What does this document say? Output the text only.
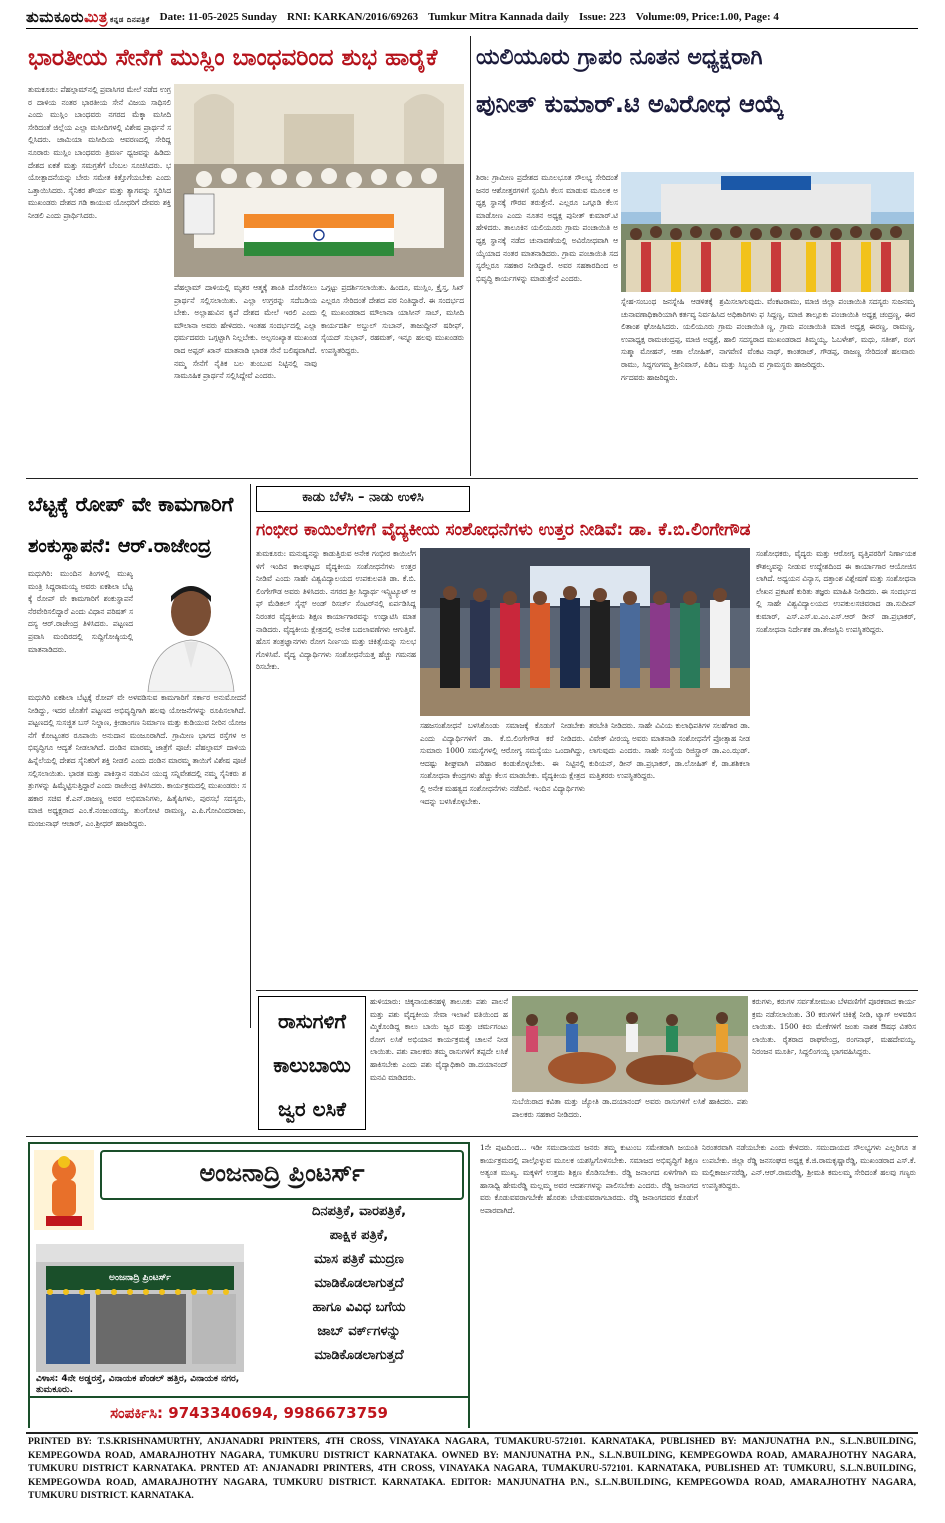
ತುಮಕೂರುಮಿತ್ರ ಕನ್ನಡ ದಿನಪತ್ರಿಕೆ Date: 11-05-2025 Sunday RNI: KARKAN/2016/69263 Tumkur Mitra Kannada daily Issue: 223 Volume:09, Price:1.00, Page: 4
ಭಾರತೀಯ ಸೇನೆಗೆ ಮುಸ್ಲಿಂ ಬಾಂಧವರಿಂದ ಶುಭ ಹಾರೈಕೆ
ತುಮಕೂರು: ಪೆಹಲ್ಗಾಮ್‌ನಲ್ಲಿ ಪ್ರವಾಸಿಗರ ಮೇಲೆ ನಡೆದ ಉಗ್ರರ ದಾಳಿಯ ನಂತರ ಭಾರತೀಯ ಸೇನೆ ವಿಜಯ ಸಾಧಿಸಲಿ ಎಂದು ಮುಸ್ಲಿಂ ಬಾಂಧವರು ನಗರದ ಮೆಕ್ಕಾ ಮಸೀದಿ ಸೇರಿದಂತೆ ಜಿಲ್ಲೆಯ ಎಲ್ಲಾ ಮಸೀದಿಗಳಲ್ಲಿ ವಿಶೇಷ ಪ್ರಾರ್ಥನೆ ಸಲ್ಲಿಸಿದರು. ಜಾಮಿಯಾ ಮಸೀದಿಯ ಆವರಣದಲ್ಲಿ ಸೇರಿದ್ದ ನೂರಾರು ಮುಸ್ಲಿಂ ಬಾಂಧವರು ತ್ರಿವರ್ಣ ಧ್ವಜವನ್ನು ಹಿಡಿದು ದೇಶದ ಏಕತೆ ಮತ್ತು ಸಮಗ್ರತೆಗೆ ಬೆಂಬಲ ಸೂಚಿಸಿದರು. ಭಯೋತ್ಪಾದನೆಯನ್ನು ಬೇರು ಸಮೇತ ಕಿತ್ತೊಗೆಯಬೇಕು ಎಂದು ಒತ್ತಾಯಿಸಿದರು. ಸೈನಿಕರ ಶೌರ್ಯ ಮತ್ತು ತ್ಯಾಗವನ್ನು ಸ್ಮರಿಸಿದ ಮುಖಂಡರು ದೇಶದ ಗಡಿ ಕಾಯುವ ಯೋಧರಿಗೆ ದೇವರು ಶಕ್ತಿ ನೀಡಲಿ ಎಂದು ಪ್ರಾರ್ಥಿಸಿದರು.
ಪೆಹಲ್ಗಾಮ್ ದಾಳಿಯಲ್ಲಿ ಮೃತರ ಆತ್ಮಕ್ಕೆ ಶಾಂತಿ ದೊರೆಕಿಸಲು ಪ್ರಾರ್ಥನೆ ಸಲ್ಲಿಸಲಾಯಿತು. ಎಲ್ಲಾ ಉಗ್ರರನ್ನು ಸದೆಬಡಿಯಬೇಕು. ಅಲ್ಲಾಹುವಿನ ಕೃಪೆ ದೇಶದ ಮೇಲೆ ಇರಲಿ ಎಂದು ಮೌಲಾನಾ ಅವರು ಹೇಳಿದರು. ಇಂತಹ ಸಂದರ್ಭದಲ್ಲಿ ಎಲ್ಲಾ ಧರ್ಮದವರು ಒಗ್ಗಟ್ಟಾಗಿ ನಿಲ್ಲಬೇಕು. ಅಲ್ಪಸಂಖ್ಯಾತ ಮುಖಂಡರಾದ ಅಫ್ಸರ್ ಖಾನ್ ಮಾತನಾಡಿ ಭಾರತ ಸೇನೆ ಬಲಿಷ್ಠವಾಗಿದೆ. ನಮ್ಮ ಸೇನೆಗೆ ನೈತಿಕ ಬಲ ತುಂಬುವ ನಿಟ್ಟಿನಲ್ಲಿ ನಾವು ಸಾಮೂಹಿಕ ಪ್ರಾರ್ಥನೆ ಸಲ್ಲಿಸಿದ್ದೇವೆ ಎಂದರು.
ಒಗ್ಗಟ್ಟು ಪ್ರದರ್ಶಿಸಲಾಯಿತು. ಹಿಂದೂ, ಮುಸ್ಲಿಂ, ಕ್ರೈಸ್ತ, ಸಿಖ್ ಎಲ್ಲರೂ ಸೇರಿದಂತೆ ದೇಶದ ಪರ ನಿಂತಿದ್ದಾರೆ. ಈ ಸಂದರ್ಭದಲ್ಲಿ ಮುಖಂಡರಾದ ಮೌಲಾನಾ ಯಾಸೀನ್ ಸಾಬ್, ಮಸೀದಿ ಕಾರ್ಯದರ್ಶಿ ಅಬ್ದುಲ್ ಸುಬಾನ್, ತಾಜುದ್ದೀನ್ ಷರೀಫ್, ಸೈಯದ್ ಸುಭಾನ್, ರಹಮತ್, ಇನ್ನೂ ಹಲವು ಮುಖಂಡರು ಉಪಸ್ಥಿತರಿದ್ದರು.
ಯಲಿಯೂರು ಗ್ರಾಪಂ ನೂತನ ಅಧ್ಯಕ್ಷರಾಗಿ
ಪುನೀತ್ ಕುಮಾರ್.ಟಿ ಅವಿರೋಧ ಆಯ್ಕೆ
ಶಿರಾ: ಗ್ರಾಮೀಣ ಪ್ರದೇಶದ ಮೂಲಭೂತ ಸೌಲಭ್ಯ ಸೇರಿದಂತೆ ಜನರ ಆಶೋತ್ತರಗಳಿಗೆ ಸ್ಪಂದಿಸಿ ಕೆಲಸ ಮಾಡುವ ಮೂಲಕ ಅಧ್ಯಕ್ಷ ಸ್ಥಾನಕ್ಕೆ ಗೌರವ ತರುತ್ತೇನೆ. ಎಲ್ಲರೂ ಒಗ್ಗೂಡಿ ಕೆಲಸ ಮಾಡೋಣ ಎಂದು ನೂತನ ಅಧ್ಯಕ್ಷ ಪುನೀತ್ ಕುಮಾರ್.ಟಿ ಹೇಳಿದರು. ತಾಲೂಕಿನ ಯಲಿಯೂರು ಗ್ರಾಮ ಪಂಚಾಯಿತಿ ಅಧ್ಯಕ್ಷ ಸ್ಥಾನಕ್ಕೆ ನಡೆದ ಚುನಾವಣೆಯಲ್ಲಿ ಅವಿರೋಧವಾಗಿ ಆಯ್ಕೆಯಾದ ನಂತರ ಮಾತನಾಡಿದರು. ಗ್ರಾಮ ಪಂಚಾಯಿತಿ ಸದಸ್ಯರೆಲ್ಲರೂ ಸಹಕಾರ ನೀಡಿದ್ದಾರೆ. ಅವರ ಸಹಕಾರದಿಂದ ಅಭಿವೃದ್ಧಿ ಕಾರ್ಯಗಳನ್ನು ಮಾಡುತ್ತೇನೆ ಎಂದರು.
ಸ್ನೇಹ-ಸಂಬಂಧ ಜನಸ್ನೇಹಿ ಆಡಳಿತಕ್ಕೆ ಶ್ರಮಿಸಲಾಗುವುದು. ಚುನಾವಣಾಧಿಕಾರಿಯಾಗಿ ಕರ್ತವ್ಯ ನಿರ್ವಹಿಸಿದ ಅಧಿಕಾರಿಗಳು ಫಲಿತಾಂಶ ಘೋಷಿಸಿದರು. ಯಲಿಯೂರು ಗ್ರಾಮ ಪಂಚಾಯಿತಿ ಉಪಾಧ್ಯಕ್ಷ ರಾಮಚಂದ್ರಪ್ಪ, ಮಾಜಿ ಅಧ್ಯಕ್ಷೆ, ಹಾಲಿ ಸದಸ್ಯರಾದ ಸುಶ್ಮಾ ಮೋಹನ್, ಆಶಾ ಲೋಹಿತ್, ನಾಗವೇಣಿ ವೆಂಕಟರಾಮು, ಸಿದ್ದಗಂಗಮ್ಮ ಶ್ರೀನಿವಾಸ್, ಪಿಡಿಒ ಮತ್ತು ಸಿಬ್ಬಂದಿ ವರ್ಗದವರು ಹಾಜರಿದ್ದರು.
ವೆಂಕಟರಾಮು, ಮಾಜಿ ಜಿಲ್ಲಾ ಪಂಚಾಯಿತಿ ಸದಸ್ಯರು ಸುಜನಮ್ಮ ಸಿದ್ದಣ್ಣ, ಮಾಜಿ ತಾಲ್ಲೂಕು ಪಂಚಾಯಿತಿ ಅಧ್ಯಕ್ಷ ಚಂದ್ರಣ್ಣ, ಈರಣ್ಣ, ಗ್ರಾಮ ಪಂಚಾಯಿತಿ ಮಾಜಿ ಅಧ್ಯಕ್ಷ ಈರಣ್ಣ, ರಾಮಣ್ಣ, ಮುಖಂಡರಾದ ತಿಮ್ಮಯ್ಯ, ಓಬಳೇಶ್, ಮಧು, ಸತೀಶ್, ರಂಗನಾಥ್, ಕಾಂತರಾಜ್, ಗೌಡಪ್ಪ, ರಾಜಣ್ಣ ಸೇರಿದಂತೆ ಹಲವಾರು ಗ್ರಾಮಸ್ಥರು ಹಾಜರಿದ್ದರು.
ಬೆಟ್ಟಕ್ಕೆ ರೋಪ್ ವೇ ಕಾಮಗಾರಿಗೆ
ಶಂಕುಸ್ಥಾಪನೆ: ಆರ್.ರಾಜೇಂದ್ರ
ಮಧುಗಿರಿ: ಮುಂದಿನ ತಿಂಗಳಲ್ಲಿ ಮುಖ್ಯ ಮಂತ್ರಿ ಸಿದ್ದರಾಮಯ್ಯ ಅವರು ಏಕಶಿಲಾ ಬೆಟ್ಟಕ್ಕೆ ರೋಪ್ ವೇ ಕಾಮಗಾರಿಗೆ ಶಂಕುಸ್ಥಾಪನೆ ನೆರವೇರಿಸಲಿದ್ದಾರೆ ಎಂದು ವಿಧಾನ ಪರಿಷತ್ ಸದಸ್ಯ ಆರ್.ರಾಜೇಂದ್ರ ತಿಳಿಸಿದರು. ಪಟ್ಟಣದ ಪ್ರವಾಸಿ ಮಂದಿರದಲ್ಲಿ ಸುದ್ದಿಗೋಷ್ಠಿಯಲ್ಲಿ ಮಾತನಾಡಿದರು.
ಮಧುಗಿರಿ ಏಕಶಿಲಾ ಬೆಟ್ಟಕ್ಕೆ ರೋಪ್ ವೇ ಅಳವಡಿಸುವ ಕಾಮಗಾರಿಗೆ ಸರ್ಕಾರ ಅನುಮೋದನೆ ನೀಡಿದ್ದು, ಇದರ ಜೊತೆಗೆ ಪಟ್ಟಣದ ಅಭಿವೃದ್ಧಿಗಾಗಿ ಹಲವು ಯೋಜನೆಗಳನ್ನು ರೂಪಿಸಲಾಗಿದೆ. ಪಟ್ಟಣದಲ್ಲಿ ಸುಸಜ್ಜಿತ ಬಸ್ ನಿಲ್ದಾಣ, ಕ್ರೀಡಾಂಗಣ ನಿರ್ಮಾಣ ಮತ್ತು ಕುಡಿಯುವ ನೀರಿನ ಯೋಜನೆಗೆ ಕೋಟ್ಯಂತರ ರೂಪಾಯಿ ಅನುದಾನ ಮಂಜೂರಾಗಿದೆ. ಗ್ರಾಮೀಣ ಭಾಗದ ರಸ್ತೆಗಳ ಅಭಿವೃದ್ಧಿಗೂ ಆದ್ಯತೆ ನೀಡಲಾಗಿದೆ. ದಂಡಿನ ಮಾರಮ್ಮ ಜಾತ್ರೆಗೆ ಪೂಜೆ: ಪೆಹಲ್ಗಾಮ್ ದಾಳಿಯ ಹಿನ್ನೆಲೆಯಲ್ಲಿ ದೇಶದ ಸೈನಿಕರಿಗೆ ಶಕ್ತಿ ನೀಡಲಿ ಎಂದು ದಂಡಿನ ಮಾರಮ್ಮ ತಾಯಿಗೆ ವಿಶೇಷ ಪೂಜೆ ಸಲ್ಲಿಸಲಾಯಿತು. ಭಾರತ ಮತ್ತು ಪಾಕಿಸ್ತಾನ ನಡುವಿನ ಯುದ್ಧ ಸನ್ನಿವೇಶದಲ್ಲಿ ನಮ್ಮ ಸೈನಿಕರು ಶತ್ರುಗಳನ್ನು ಹಿಮ್ಮೆಟ್ಟಿಸುತ್ತಿದ್ದಾರೆ ಎಂದು ರಾಜೇಂದ್ರ ತಿಳಿಸಿದರು. ಕಾರ್ಯಕ್ರಮದಲ್ಲಿ ಮುಖಂಡರು: ಸಹಕಾರ ಸಚಿವ ಕೆ.ಎನ್.ರಾಜಣ್ಣ ಅವರ ಅಭಿಮಾನಿಗಳು, ಹಿತೈಷಿಗಳು, ಪುರಸಭೆ ಸದಸ್ಯರು, ಮಾಜಿ ಅಧ್ಯಕ್ಷರಾದ ಎಂ.ಕೆ.ನಂಜುಂಡಯ್ಯ, ತುಂಗೋಟಿ ರಾಮಣ್ಣ, ಎ.ಪಿ.ಗೋವಿಂದರಾಜು, ಮಂಜುನಾಥ್ ಆಚಾರ್, ಎಂ.ಶ್ರೀಧರ್ ಹಾಜರಿದ್ದರು.
ಕಾಡು ಬೆಳೆಸಿ – ನಾಡು ಉಳಿಸಿ
ಗಂಭೀರ ಕಾಯಿಲೆಗಳಿಗೆ ವೈದ್ಯಕೀಯ ಸಂಶೋಧನೆಗಳು ಉತ್ತರ ನೀಡಿವೆ: ಡಾ. ಕೆ.ಬಿ.ಲಿಂಗೇಗೌಡ
ತುಮಕೂರು: ಮನುಷ್ಯನನ್ನು ಕಾಡುತ್ತಿರುವ ಅನೇಕ ಗಂಭೀರ ಕಾಯಿಲೆಗಳಿಗೆ ಇಂದಿನ ಕಾಲಘಟ್ಟದ ವೈದ್ಯಕೀಯ ಸಂಶೋಧನೆಗಳು ಉತ್ತರ ನೀಡಿವೆ ಎಂದು ಸಾಹೇ ವಿಶ್ವವಿದ್ಯಾಲಯದ ಉಪಕುಲಪತಿ ಡಾ. ಕೆ.ಬಿ.ಲಿಂಗೇಗೌಡ ಅವರು ತಿಳಿಸಿದರು. ನಗರದ ಶ್ರೀ ಸಿದ್ಧಾರ್ಥ ಇನ್ಸ್ಟಿಟ್ಯೂಟ್ ಆಫ್ ಮೆಡಿಕಲ್ ಸೈನ್ಸ್ ಅಂಡ್ ರಿಸರ್ಚ್ ಸೆಂಟರ್‌ನಲ್ಲಿ ಏರ್ಪಡಿಸಿದ್ದ ನಿರಂತರ ವೈದ್ಯಕೀಯ ಶಿಕ್ಷಣ ಕಾರ್ಯಾಗಾರವನ್ನು ಉದ್ಘಾಟಿಸಿ ಮಾತನಾಡಿದರು. ವೈದ್ಯಕೀಯ ಕ್ಷೇತ್ರದಲ್ಲಿ ಅನೇಕ ಬದಲಾವಣೆಗಳು ಆಗುತ್ತಿವೆ. ಹೊಸ ತಂತ್ರಜ್ಞಾನಗಳು ರೋಗ ನಿರ್ಣಯ ಮತ್ತು ಚಿಕಿತ್ಸೆಯನ್ನು ಸುಲಭಗೊಳಿಸಿವೆ. ವೈದ್ಯ ವಿದ್ಯಾರ್ಥಿಗಳು ಸಂಶೋಧನೆಯತ್ತ ಹೆಚ್ಚು ಗಮನಹರಿಸಬೇಕು.
ಸಹಜಸಂಶೋಧನೆ ಬಳಸಿಕೊಂಡು ಸಮಾಜಕ್ಕೆ ಕೊಡುಗೆ ನೀಡಬೇಕು ಎಂದು ವಿದ್ಯಾರ್ಥಿಗಳಿಗೆ ಡಾ. ಕೆ.ಬಿ.ಲಿಂಗೇಗೌಡ ಕರೆ ನೀಡಿದರು. ಸುಮಾರು 1000 ಸಮಸ್ಯೆಗಳಲ್ಲಿ ಆರೋಗ್ಯ ಸಮಸ್ಯೆಯು ಒಂದಾಗಿದ್ದು, ಆದಷ್ಟು ಶೀಘ್ರವಾಗಿ ಪರಿಹಾರ ಕಂಡುಕೊಳ್ಳಬೇಕು. ಈ ನಿಟ್ಟಿನಲ್ಲಿ ಸಂಶೋಧನಾ ಕೇಂದ್ರಗಳು ಹೆಚ್ಚು ಕೆಲಸ ಮಾಡಬೇಕು. ವೈದ್ಯಕೀಯ ಕ್ಷೇತ್ರದಲ್ಲಿ ಅನೇಕ ಮಹತ್ವದ ಸಂಶೋಧನೆಗಳು ನಡೆದಿವೆ. ಇಂದಿನ ವಿದ್ಯಾರ್ಥಿಗಳು ಇದನ್ನು ಬಳಸಿಕೊಳ್ಳಬೇಕು.
ತರಬೇತಿ ನೀಡಿದರು. ಸಾಹೇ ವಿವಿಯ ಕುಲಾಧಿಪತಿಗಳ ಸಲಹೆಗಾರ ಡಾ. ವಿವೇಕ್ ವೀರಯ್ಯ ಅವರು ಮಾತನಾಡಿ ಸಂಶೋಧನೆಗೆ ಪ್ರೋತ್ಸಾಹ ನೀಡಲಾಗುವುದು ಎಂದರು. ಸಾಹೇ ಸಂಸ್ಥೆಯ ರಿಜಿಸ್ಟ್ರಾರ್ ಡಾ.ಎಂ.ಝಡ್.ಕುರಿಯನ್, ಡೀನ್ ಡಾ.ಪ್ರಭಾಕರ್, ಡಾ.ಲೋಹಿತ್ ಕೆ, ಡಾ.ಶಶಿಕಲಾ ಮತ್ತಿತರರು ಉಪಸ್ಥಿತರಿದ್ದರು.
ಸಂಶೋಧಕರು, ವೈದ್ಯರು ಮತ್ತು ಆರೋಗ್ಯ ವೃತ್ತಿಪರರಿಗೆ ನಿರ್ಣಾಯಕ ಕೌಶಲ್ಯವನ್ನು ನೀಡುವ ಉದ್ದೇಶದಿಂದ ಈ ಕಾರ್ಯಾಗಾರ ಆಯೋಜಿಸಲಾಗಿದೆ. ಅಧ್ಯಯನ ವಿನ್ಯಾಸ, ದತ್ತಾಂಶ ವಿಶ್ಲೇಷಣೆ ಮತ್ತು ಸಂಶೋಧನಾ ಲೇಖನ ಪ್ರಕಟಣೆ ಕುರಿತು ತಜ್ಞರು ಮಾಹಿತಿ ನೀಡಿದರು. ಈ ಸಂದರ್ಭದಲ್ಲಿ ಸಾಹೇ ವಿಶ್ವವಿದ್ಯಾಲಯದ ಉಪಕುಲಸಚಿವರಾದ ಡಾ.ಸುದೀಪ್ ಕುಮಾರ್, ಎಸ್.ಎಸ್.ಐ.ಎಂ.ಎಸ್.ಆರ್ ಡೀನ್ ಡಾ.ಪ್ರಭಾಕರ್, ಸಂಶೋಧನಾ ನಿರ್ದೇಶಕ ಡಾ.ತೇಜಸ್ವಿನಿ ಉಪಸ್ಥಿತರಿದ್ದರು.
ರಾಸುಗಳಿಗೆ
ಕಾಲುಬಾಯಿ
ಜ್ವರ ಲಸಿಕೆ
ಹುಳಿಯಾರು: ಚಿಕ್ಕನಾಯಕನಹಳ್ಳಿ ತಾಲೂಕು ಪಶು ಪಾಲನೆ ಮತ್ತು ಪಶು ವೈದ್ಯಕೀಯ ಸೇವಾ ಇಲಾಖೆ ವತಿಯಿಂದ ಹಮ್ಮಿಕೊಂಡಿದ್ದ ಕಾಲು ಬಾಯಿ ಜ್ವರ ಮತ್ತು ಚರ್ಮಗಂಟು ರೋಗ ಲಸಿಕೆ ಅಭಿಯಾನ ಕಾರ್ಯಕ್ರಮಕ್ಕೆ ಚಾಲನೆ ನೀಡಲಾಯಿತು. ಪಶು ಪಾಲಕರು ತಮ್ಮ ರಾಸುಗಳಿಗೆ ತಪ್ಪದೇ ಲಸಿಕೆ ಹಾಕಿಸಬೇಕು ಎಂದು ಪಶು ವೈದ್ಯಾಧಿಕಾರಿ ಡಾ.ದಯಾನಂದ್ ಮನವಿ ಮಾಡಿದರು.
ಸುಬೆಯಿರಾದ ಕವಿತಾ ಮತ್ತು ಜ್ಯೋತಿ ಡಾ.ದಯಾನಂದ್ ಅವರು ರಾಸುಗಳಿಗೆ ಲಸಿಕೆ ಹಾಕಿದರು. ಪಶು ಪಾಲಕರು ಸಹಕಾರ ನೀಡಿದರು.
ಕರುಗಳು, ಕರುಗಳ ಸರ್ವತೋಮುಖ ಬೆಳವಣಿಗೆಗೆ ಪೂರಕವಾದ ಕಾರ್ಯಕ್ರಮ ನಡೆಸಲಾಯಿತು. 30 ಕರುಗಳಿಗೆ ಚಿಕಿತ್ಸೆ ನೀಡಿ, ಟ್ಯಾಗ್ ಅಳವಡಿಸಲಾಯಿತು. 1500 ಕಿರು ಮೇಕೆಗಳಿಗೆ ಜಂತು ನಾಶಕ ಔಷಧ ವಿತರಿಸಲಾಯಿತು. ರೈತರಾದ ರಾಘವೇಂದ್ರ, ರಂಗನಾಥ್, ಮಹದೇವಯ್ಯ, ನಿರಂಜನ ಮೂರ್ತಿ, ಸಿದ್ದಲಿಂಗಯ್ಯ ಭಾಗವಹಿಸಿದ್ದರು.
ಅಂಜನಾದ್ರಿ ಪ್ರಿಂಟರ್ಸ್
ಅಂಜನಾದ್ರಿ ಪ್ರಿಂಟರ್ಸ್
ದಿನಪತ್ರಿಕೆ, ವಾರಪತ್ರಿಕೆ,
ಪಾಕ್ಷಿಕ ಪತ್ರಿಕೆ,
ಮಾಸ ಪತ್ರಿಕೆ ಮುದ್ರಣ
ಮಾಡಿಕೊಡಲಾಗುತ್ತದೆ
ಹಾಗೂ ವಿವಿಧ ಬಗೆಯ
ಜಾಬ್ ವರ್ಕ್‌ಗಳನ್ನು
ಮಾಡಿಕೊಡಲಾಗುತ್ತದೆ
ವಿಳಾಸ: 4ನೇ ಅಡ್ಡರಸ್ತೆ, ವಿನಾಯಕ ಪೆಂಡಲ್ ಹತ್ತಿರ, ವಿನಾಯಕ ನಗರ, ತುಮಕೂರು.
ಸಂಪರ್ಕಿಸಿ: 9743340694, 9986673759
1ನೇ ಪುಟದಿಂದ... ಇಡೀ ಸಮುದಾಯದ ಜನರು ತಮ್ಮ ಕುಟುಂಬ ಸಮೇತರಾಗಿ ಜಯಂತಿ ಕಾರ್ಯಕ್ರಮದಲ್ಲಿ ಪಾಲ್ಗೊಳ್ಳುವ ಮೂಲಕ ಯಶಸ್ವಿಗೊಳಿಸಬೇಕು. ಸಮಾಜದ ಅಭಿವೃದ್ಧಿಗೆ ಶಿಕ್ಷಣ ಅತ್ಯಂತ ಮುಖ್ಯ. ಮಕ್ಕಳಿಗೆ ಉತ್ತಮ ಶಿಕ್ಷಣ ಕೊಡಿಸಬೇಕು. ರೆಡ್ಡಿ ಜನಾಂಗದ ಏಳಿಗೆಗಾಗಿ ಮಹಾಸಾಧ್ವಿ ಹೇಮರೆಡ್ಡಿ ಮಲ್ಲಮ್ಮ ಅವರ ಆದರ್ಶಗಳನ್ನು ಪಾಲಿಸಬೇಕು ಎಂದರು. ರೆಡ್ಡಿ ಜನಾಂಗದವರು ಕೊಡುವವರಾಗಬೇಕೇ ಹೊರತು ಬೇಡುವವರಾಗಬಾರದು. ರೆಡ್ಡಿ ಜನಾಂಗದವರ ಕೊಡುಗೆ ಅಪಾರವಾಗಿದೆ.
ನಿರಂತರವಾಗಿ ನಡೆಯಬೇಕು ಎಂದು ಕೇಳಿದರು. ಸಮುದಾಯದ ಸೌಲಭ್ಯಗಳು ಎಲ್ಲರಿಗೂ ತಲುಪಬೇಕು. ಜಿಲ್ಲಾ ರೆಡ್ಡಿ ಜನಸಂಘದ ಅಧ್ಯಕ್ಷ ಕೆ.ಜಿ.ರಾಮಕೃಷ್ಣಾರೆಡ್ಡಿ, ಮುಖಂಡರಾದ ಎಸ್.ಕೆ.ಮಲ್ಲಿಕಾರ್ಜುನರೆಡ್ಡಿ, ಎನ್.ಆರ್.ರಾಮರೆಡ್ಡಿ, ಶ್ರೀಮತಿ ಕಮಲಮ್ಮ ಸೇರಿದಂತೆ ಹಲವು ಗಣ್ಯರು ಉಪಸ್ಥಿತರಿದ್ದರು.
PRINTED BY: T.S.KRISHNAMURTHY, ANJANADRI PRINTERS, 4TH CROSS, VINAYAKA NAGARA, TUMAKURU-572101. KARNATAKA, PUBLISHED BY: MANJUNATHA P.N., S.L.N.BUILDING, KEMPEGOWDA ROAD, AMARAJHOTHY NAGARA, TUMKURU DISTRICT KARNATAKA. OWNED BY: MANJUNATHA P.N., S.L.N.BUILDING, KEMPEGOWDA ROAD, AMARAJHOTHY NAGARA, TUMKURU DISTRICT KARNATAKA. PRNTED AT: ANJANADRI PRINTERS, 4TH CROSS, VINAYAKA NAGARA, TUMAKURU-572101. KARNATAKA, PUBLISHED AT: TUMKURU, S.L.N.BUILDING, KEMPEGOWDA ROAD, AMARAJHOTHY NAGARA, TUMKURU DISTRICT. KARNATAKA. EDITOR: MANJUNATHA P.N., S.L.N.BUILDING, KEMPEGOWDA ROAD, AMARAJHOTHY NAGARA, TUMKURU DISTRICT. KARNATAKA.
